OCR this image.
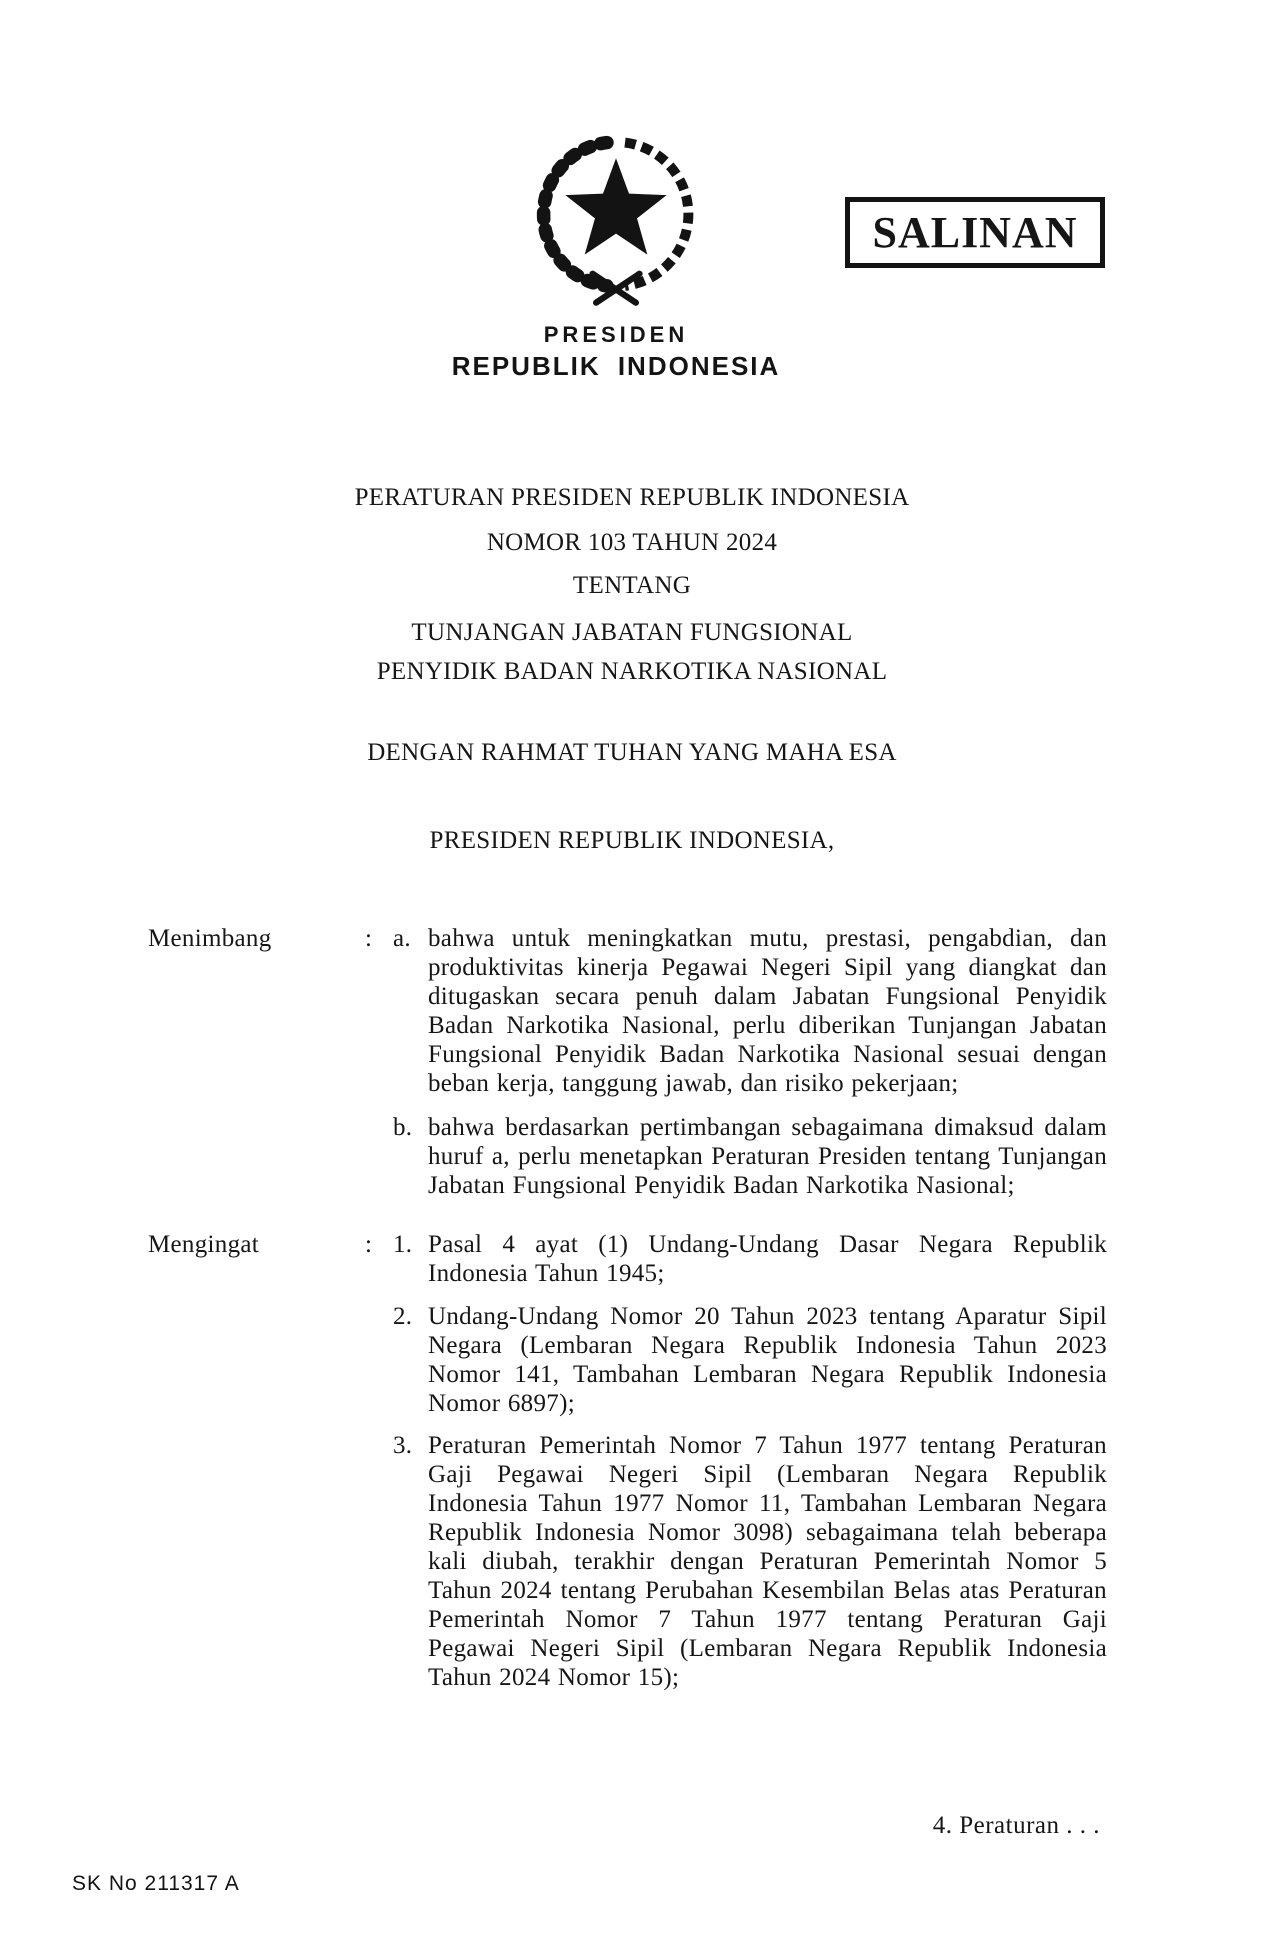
SALINAN
PRESIDEN
REPUBLIK INDONESIA
PERATURAN PRESIDEN REPUBLIK INDONESIA
NOMOR 103 TAHUN 2024
TENTANG
TUNJANGAN JABATAN FUNGSIONAL
PENYIDIK BADAN NARKOTIKA NASIONAL
DENGAN RAHMAT TUHAN YANG MAHA ESA
PRESIDEN REPUBLIK INDONESIA,
Menimbang	: a. bahwa untuk meningkatkan mutu, prestasi, pengabdian, dan produktivitas kinerja Pegawai Negeri Sipil yang diangkat dan ditugaskan secara penuh dalam Jabatan Fungsional Penyidik Badan Narkotika Nasional, perlu diberikan Tunjangan Jabatan Fungsional Penyidik Badan Narkotika Nasional sesuai dengan beban kerja, tanggung jawab, dan risiko pekerjaan;
b. bahwa berdasarkan pertimbangan sebagaimana dimaksud dalam huruf a, perlu menetapkan Peraturan Presiden tentang Tunjangan Jabatan Fungsional Penyidik Badan Narkotika Nasional;
Mengingat	: 1. Pasal 4 ayat (1) Undang-Undang Dasar Negara Republik Indonesia Tahun 1945;
2. Undang-Undang Nomor 20 Tahun 2023 tentang Aparatur Sipil Negara (Lembaran Negara Republik Indonesia Tahun 2023 Nomor 141, Tambahan Lembaran Negara Republik Indonesia Nomor 6897);
3. Peraturan Pemerintah Nomor 7 Tahun 1977 tentang Peraturan Gaji Pegawai Negeri Sipil (Lembaran Negara Republik Indonesia Tahun 1977 Nomor 11, Tambahan Lembaran Negara Republik Indonesia Nomor 3098) sebagaimana telah beberapa kali diubah, terakhir dengan Peraturan Pemerintah Nomor 5 Tahun 2024 tentang Perubahan Kesembilan Belas atas Peraturan Pemerintah Nomor 7 Tahun 1977 tentang Peraturan Gaji Pegawai Negeri Sipil (Lembaran Negara Republik Indonesia Tahun 2024 Nomor 15);
4. Peraturan . . .
SK No 211317 A
